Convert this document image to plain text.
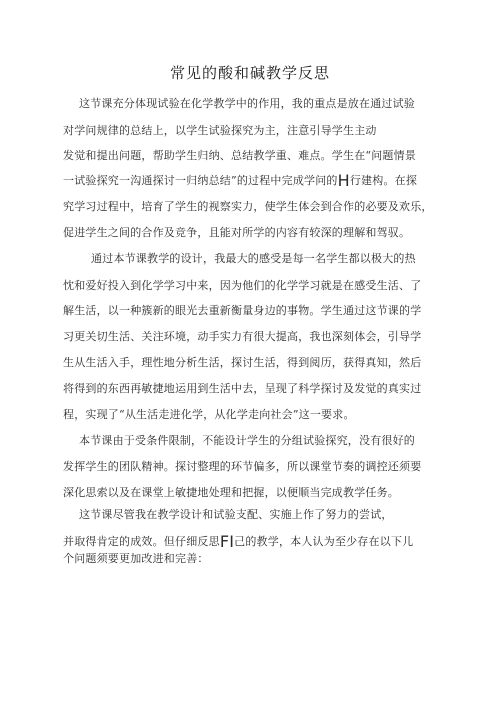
常见的酸和碱教学反思
这节课充分体现试验在化学教学中的作用，我的重点是放在通过试验
对学问规律的总结上，以学生试验探究为主，注意引导学生主动
发觉和提出问题，帮助学生归纳、总结教学重、难点。学生在“问题情景
一试验探究一沟通探讨一归纳总结”的过程中完成学问的H行建构。在探
究学习过程中，培育了学生的视察实力，使学生体会到合作的必要及欢乐，
促进学生之间的合作及竞争，且能对所学的内容有较深的理解和驾驭。
通过本节课教学的设计，我最大的感受是每一名学生都以极大的热
忱和爱好投入到化学学习中来，因为他们的化学学习就是在感受生活、了
解生活，以一种簇新的眼光去重新衡量身边的事物。学生通过这节课的学
习更关切生活、关注环境，动手实力有很大提高，我也深刻体会，引导学
生从生活入手，理性地分析生活，探讨生活，得到阅历，获得真知，然后
将得到的东西再敏捷地运用到生活中去，呈现了科学探讨及发觉的真实过
程，实现了“从生活走进化学，从化学走向社会”这一要求。
本节课由于受条件限制，不能设计学生的分组试验探究，没有很好的
发挥学生的团队精神。探讨整理的环节偏多，所以课堂节奏的调控还须要
深化思索以及在课堂上敏捷地处理和把握，以便顺当完成教学任务。
这节课尽管我在教学设计和试验支配、实施上作了努力的尝试，
并取得肯定的成效。但仔细反思FI己的教学，本人认为至少存在以下儿
个问题须要更加改进和完善：
